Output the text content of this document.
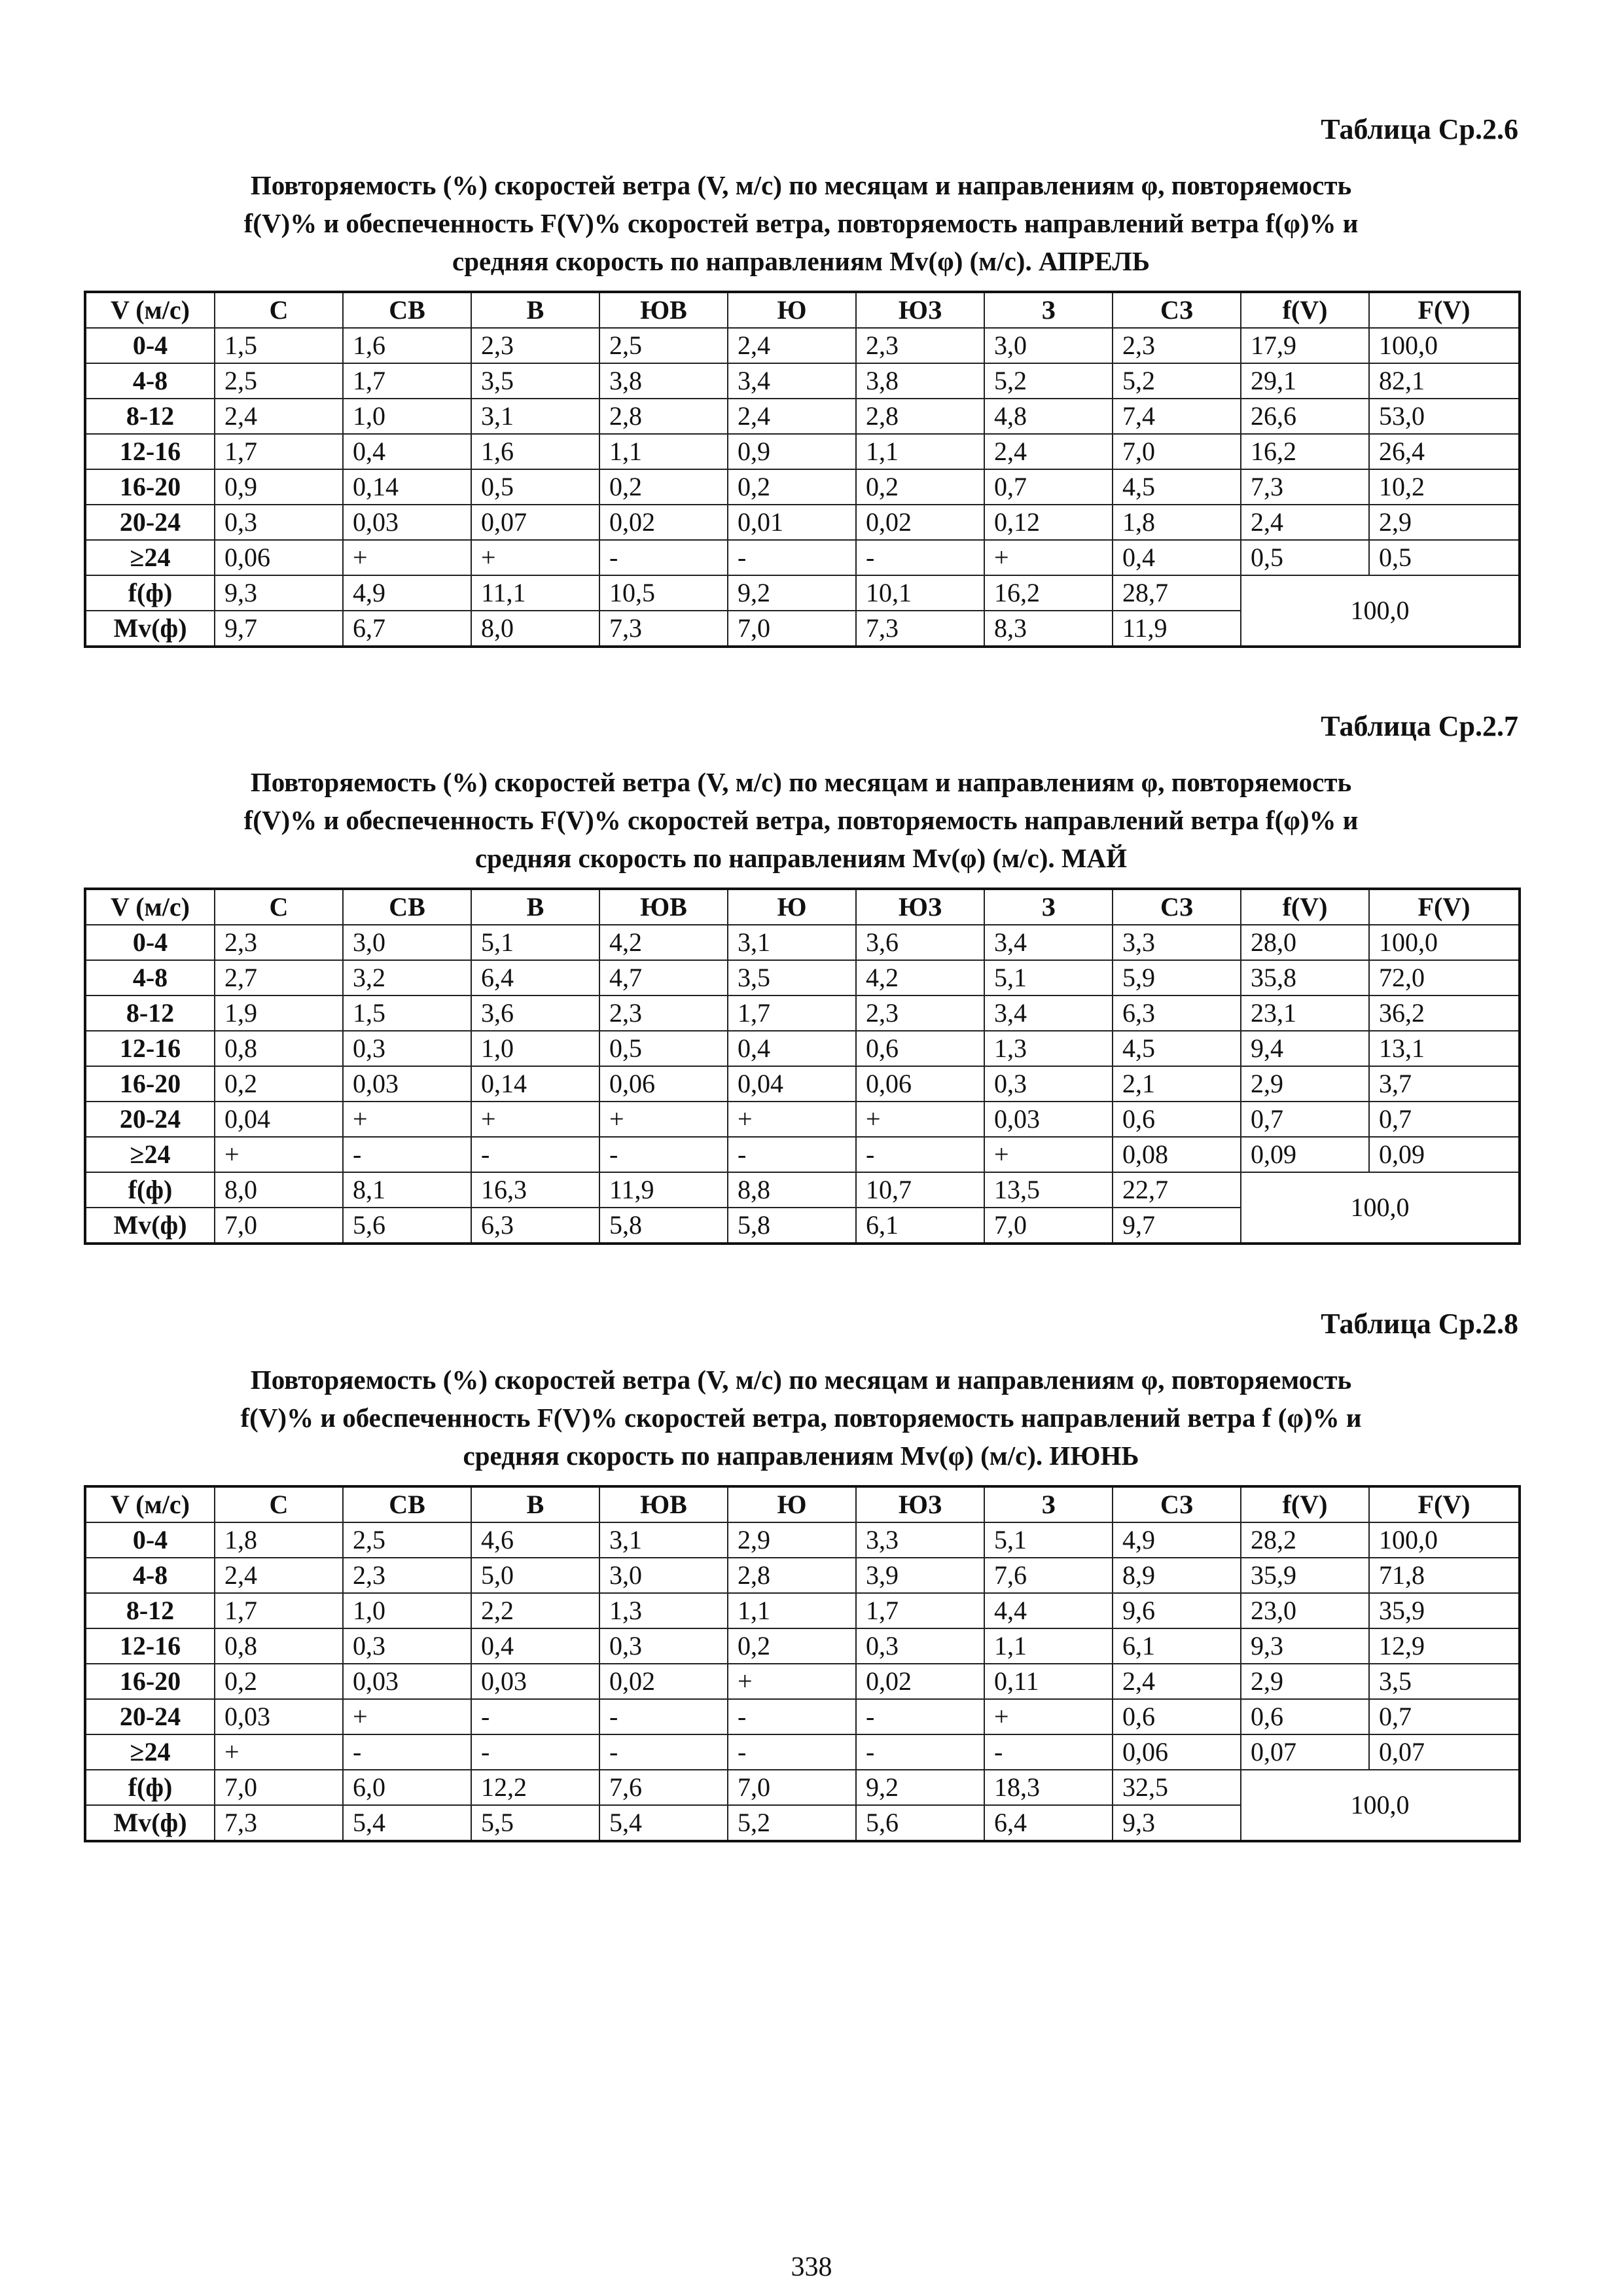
Таблица Ср.2.6

Повторяемость (%) скоростей ветра (V, м/с) по месяцам и направлениям φ, повторяемость
f(V)% и обеспеченность F(V)% скоростей ветра, повторяемость направлений ветра f(φ)% и
средняя скорость по направлениям Mv(φ) (м/с). АПРЕЛЬ
V (м/с)	С	СВ	В	ЮВ	Ю	ЮЗ	З	СЗ	f(V)	F(V)
0-4	1,5	1,6	2,3	2,5	2,4	2,3	3,0	2,3	17,9	100,0
4-8	2,5	1,7	3,5	3,8	3,4	3,8	5,2	5,2	29,1	82,1
8-12	2,4	1,0	3,1	2,8	2,4	2,8	4,8	7,4	26,6	53,0
12-16	1,7	0,4	1,6	1,1	0,9	1,1	2,4	7,0	16,2	26,4
16-20	0,9	0,14	0,5	0,2	0,2	0,2	0,7	4,5	7,3	10,2
20-24	0,3	0,03	0,07	0,02	0,01	0,02	0,12	1,8	2,4	2,9
≥24	0,06	+	+	-	-	-	+	0,4	0,5	0,5
f(ф)	9,3	4,9	11,1	10,5	9,2	10,1	16,2	28,7	100,0	
Mv(ф)	9,7	6,7	8,0	7,3	7,0	7,3	8,3	11,9		

Таблица Ср.2.7

Повторяемость (%) скоростей ветра (V, м/с) по месяцам и направлениям φ, повторяемость
f(V)% и обеспеченность F(V)% скоростей ветра, повторяемость направлений ветра f(φ)% и
средняя скорость по направлениям Mv(φ) (м/с). МАЙ
V (м/с)	С	СВ	В	ЮВ	Ю	ЮЗ	З	СЗ	f(V)	F(V)
0-4	2,3	3,0	5,1	4,2	3,1	3,6	3,4	3,3	28,0	100,0
4-8	2,7	3,2	6,4	4,7	3,5	4,2	5,1	5,9	35,8	72,0
8-12	1,9	1,5	3,6	2,3	1,7	2,3	3,4	6,3	23,1	36,2
12-16	0,8	0,3	1,0	0,5	0,4	0,6	1,3	4,5	9,4	13,1
16-20	0,2	0,03	0,14	0,06	0,04	0,06	0,3	2,1	2,9	3,7
20-24	0,04	+	+	+	+	+	0,03	0,6	0,7	0,7
≥24	+	-	-	-	-	-	+	0,08	0,09	0,09
f(ф)	8,0	8,1	16,3	11,9	8,8	10,7	13,5	22,7	100,0	
Mv(ф)	7,0	5,6	6,3	5,8	5,8	6,1	7,0	9,7		

Таблица Ср.2.8

Повторяемость (%) скоростей ветра (V, м/с) по месяцам и направлениям φ, повторяемость
f(V)% и обеспеченность F(V)% скоростей ветра, повторяемость направлений ветра f (φ)% и
средняя скорость по направлениям Mv(φ) (м/с). ИЮНЬ
V (м/с)	С	СВ	В	ЮВ	Ю	ЮЗ	З	СЗ	f(V)	F(V)
0-4	1,8	2,5	4,6	3,1	2,9	3,3	5,1	4,9	28,2	100,0
4-8	2,4	2,3	5,0	3,0	2,8	3,9	7,6	8,9	35,9	71,8
8-12	1,7	1,0	2,2	1,3	1,1	1,7	4,4	9,6	23,0	35,9
12-16	0,8	0,3	0,4	0,3	0,2	0,3	1,1	6,1	9,3	12,9
16-20	0,2	0,03	0,03	0,02	+	0,02	0,11	2,4	2,9	3,5
20-24	0,03	+	-	-	-	-	+	0,6	0,6	0,7
≥24	+	-	-	-	-	-	-	0,06	0,07	0,07
f(ф)	7,0	6,0	12,2	7,6	7,0	9,2	18,3	32,5	100,0	
Mv(ф)	7,3	5,4	5,5	5,4	5,2	5,6	6,4	9,3		
338
